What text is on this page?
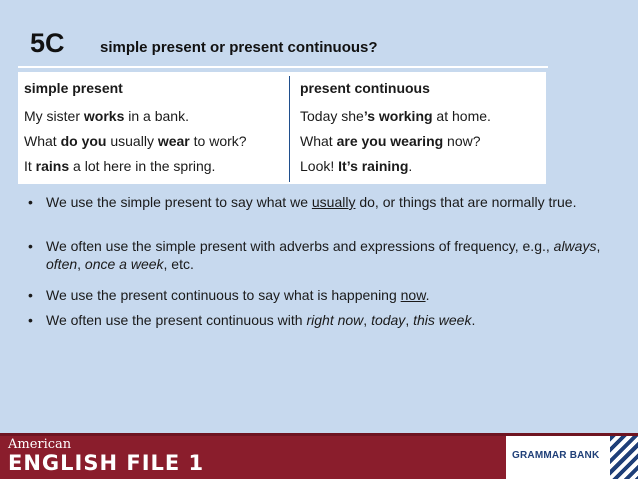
5C simple present or present continuous?
simple present	present continuous
My sister works in a bank.	Today she’s working at home.
What do you usually wear to work?	What are you wearing now?
It rains a lot here in the spring.	Look! It’s raining.
• We use the simple present to say what we usually do, or things that are normally true.
• We often use the simple present with adverbs and expressions of frequency, e.g., always, often, once a week, etc.
• We use the present continuous to say what is happening now.
• We often use the present continuous with right now, today, this week.
American
ENGLISH FILE 1	GRAMMAR BANK
